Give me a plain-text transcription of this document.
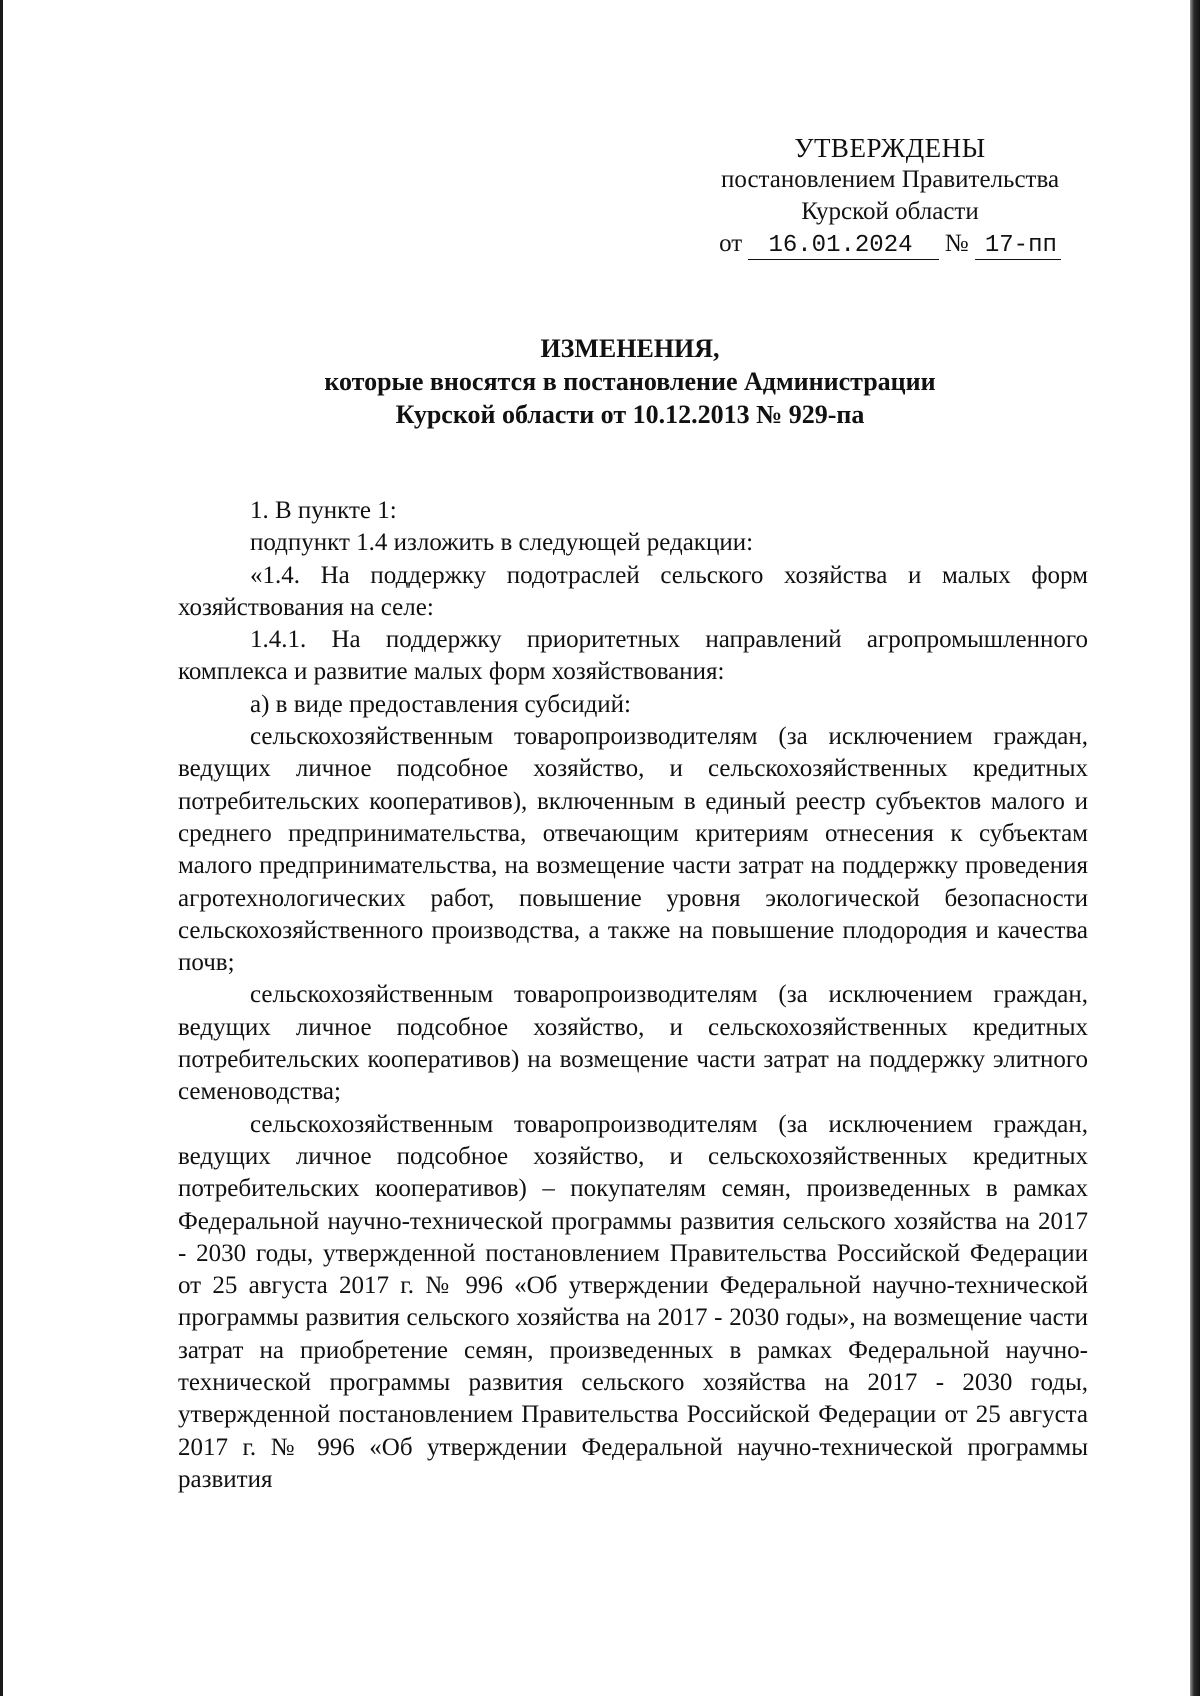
УТВЕРЖДЕНЫ
постановлением Правительства
Курской области
от 16.01.2024 № 17-пп
ИЗМЕНЕНИЯ,
которые вносятся в постановление Администрации
Курской области от 10.12.2013 № 929-па

1. В пункте 1:

подпункт 1.4 изложить в следующей редакции:

«1.4. На поддержку подотраслей сельского хозяйства и малых форм хозяйствования на селе:

1.4.1. На поддержку приоритетных направлений агропромышленного комплекса и развитие малых форм хозяйствования:

а) в виде предоставления субсидий:

сельскохозяйственным товаропроизводителям (за исключением граждан, ведущих личное подсобное хозяйство, и сельскохозяйственных кредитных потребительских кооперативов), включенным в единый реестр субъектов малого и среднего предпринимательства, отвечающим критериям отнесения к субъектам малого предпринимательства, на возмещение части затрат на поддержку проведения агротехнологических работ, повышение уровня экологической безопасности сельскохозяйственного производства, а также на повышение плодородия и качества почв;

сельскохозяйственным товаропроизводителям (за исключением граждан, ведущих личное подсобное хозяйство, и сельскохозяйственных кредитных потребительских кооперативов) на возмещение части затрат на поддержку элитного семеноводства;

сельскохозяйственным товаропроизводителям (за исключением граждан, ведущих личное подсобное хозяйство, и сельскохозяйственных кредитных потребительских кооперативов) – покупателям семян, произведенных в рамках Федеральной научно-технической программы развития сельского хозяйства на 2017 - 2030 годы, утвержденной постановлением Правительства Российской Федерации от 25 августа 2017 г. № 996 «Об утверждении Федеральной научно-технической программы развития сельского хозяйства на 2017 - 2030 годы», на возмещение части затрат на приобретение семян, произведенных в рамках Федеральной научно-технической программы развития сельского хозяйства на 2017 - 2030 годы, утвержденной постановлением Правительства Российской Федерации от 25 августа 2017 г. № 996 «Об утверждении Федеральной научно-технической программы развития
